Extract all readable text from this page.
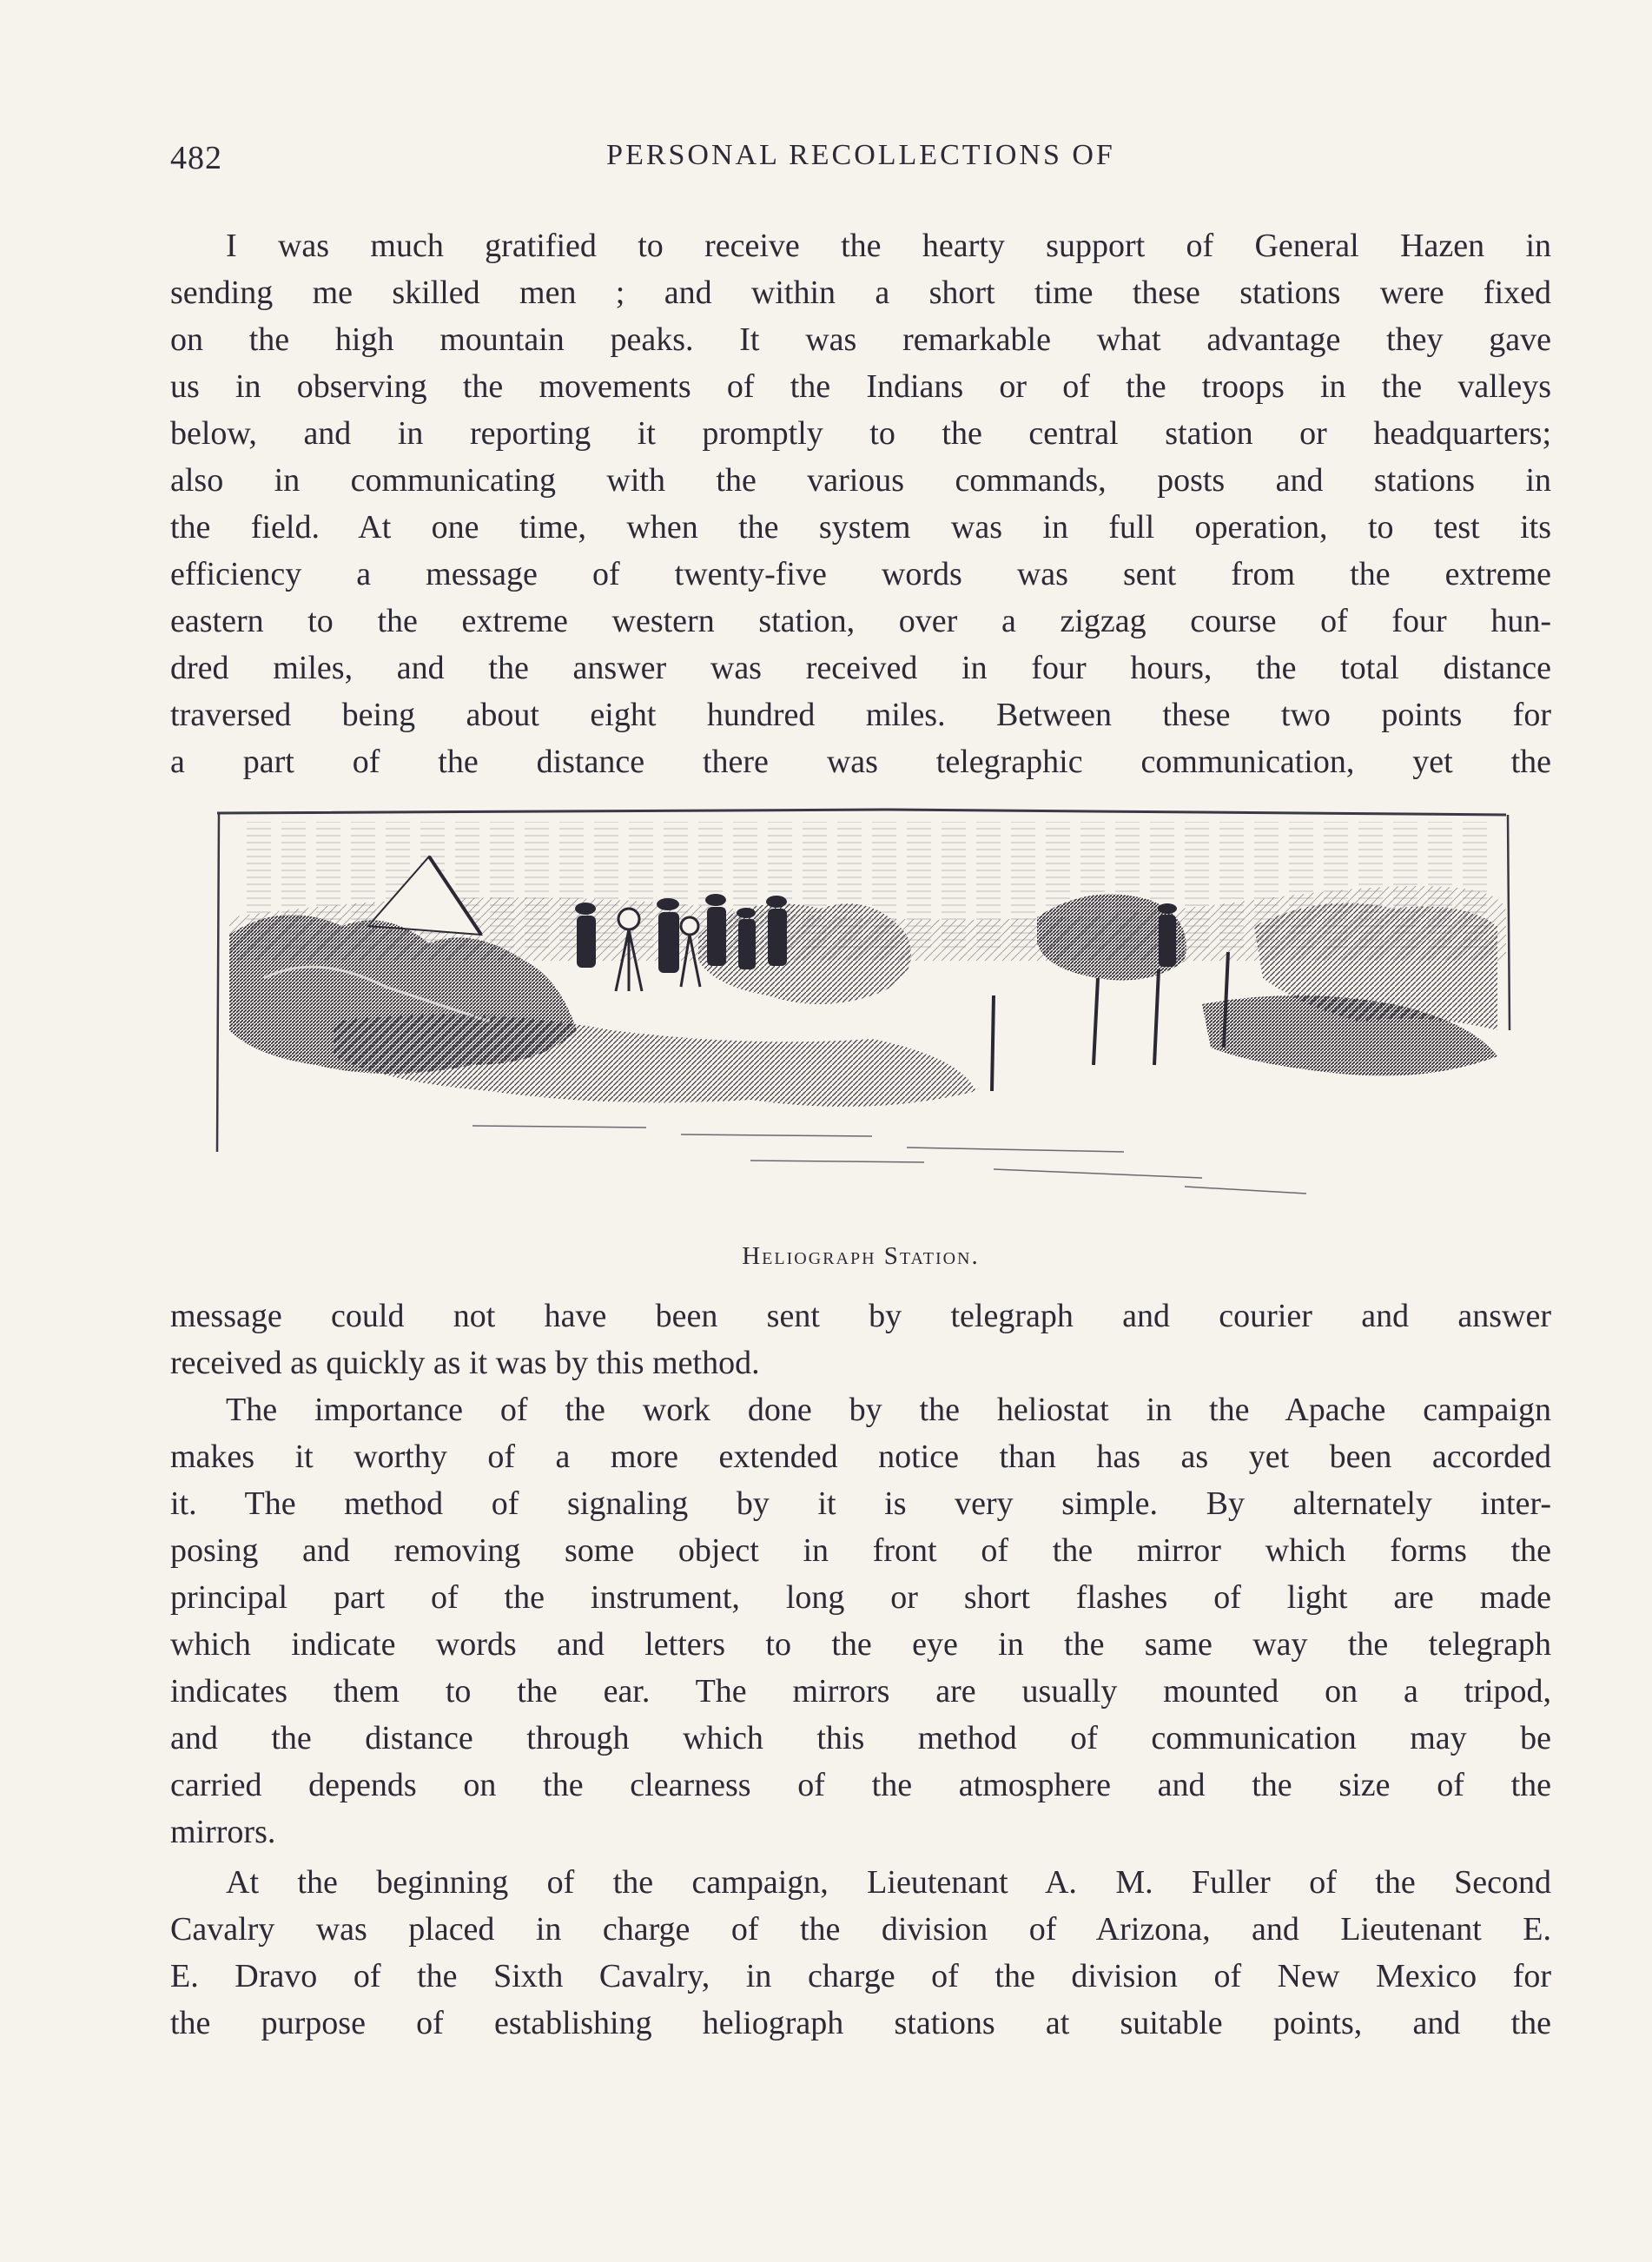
482	PERSONAL RECOLLECTIONS OF
I was much gratified to receive the hearty support of General Hazen in
sending me skilled men ; and within a short time these stations were fixed
on the high mountain peaks. It was remarkable what advantage they gave
us in observing the movements of the Indians or of the troops in the valleys
below, and in reporting it promptly to the central station or headquarters;
also in communicating with the various commands, posts and stations in
the field. At one time, when the system was in full operation, to test its
efficiency a message of twenty-five words was sent from the extreme
eastern to the extreme western station, over a zigzag course of four hun-
dred miles, and the answer was received in four hours, the total distance
traversed being about eight hundred miles. Between these two points for
a part of the distance there was telegraphic communication, yet the
Heliograph Station.
message could not have been sent by telegraph and courier and answer
received as quickly as it was by this method.
The importance of the work done by the heliostat in the Apache campaign
makes it worthy of a more extended notice than has as yet been accorded
it. The method of signaling by it is very simple. By alternately inter-
posing and removing some object in front of the mirror which forms the
principal part of the instrument, long or short flashes of light are made
which indicate words and letters to the eye in the same way the telegraph
indicates them to the ear. The mirrors are usually mounted on a tripod,
and the distance through which this method of communication may be
carried depends on the clearness of the atmosphere and the size of the
mirrors.
At the beginning of the campaign, Lieutenant A. M. Fuller of the Second
Cavalry was placed in charge of the division of Arizona, and Lieutenant E.
E. Dravo of the Sixth Cavalry, in charge of the division of New Mexico for
the purpose of establishing heliograph stations at suitable points, and the
